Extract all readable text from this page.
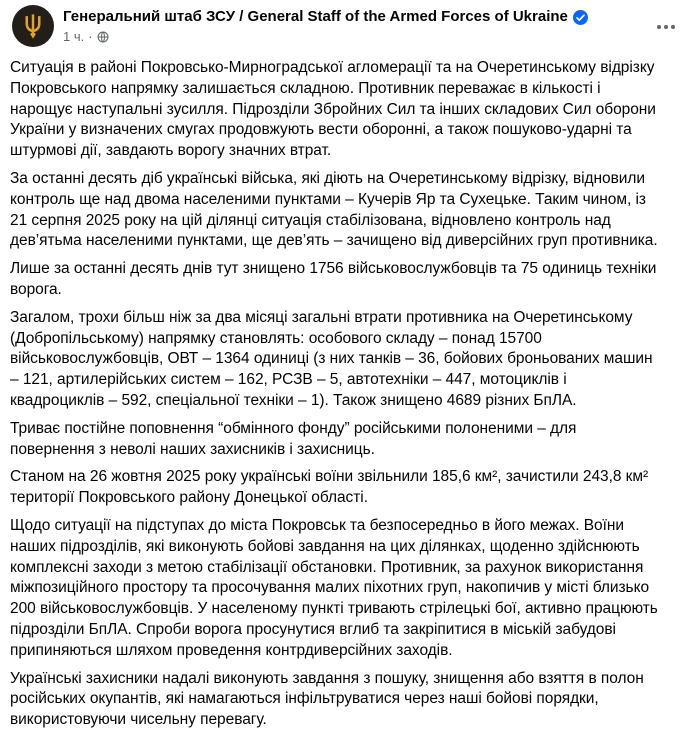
Генеральний штаб ЗСУ / General Staff of the Armed Forces of Ukraine
1 ч. ·

Ситуація в районі Покровсько-Мирноградської агломерації та на Очеретинському відрізку Покровського напрямку залишається складною. Противник переважає в кількості і нарощує наступальні зусилля. Підрозділи Збройних Сил та інших складових Сил оборони України у визначених смугах продовжують вести оборонні, а також пошуково-ударні та штурмові дії, завдають ворогу значних втрат.

За останні десять діб українські війська, які діють на Очеретинському відрізку, відновили контроль ще над двома населеними пунктами – Кучерів Яр та Сухецьке. Таким чином, із 21 серпня 2025 року на цій ділянці ситуація стабілізована, відновлено контроль над дев’ятьма населеними пунктами, ще дев’ять – зачищено від диверсійних груп противника.

Лише за останні десять днів тут знищено 1756 військовослужбовців та 75 одиниць техніки ворога.

Загалом, трохи більш ніж за два місяці загальні втрати противника на Очеретинському (Добропільському) напрямку становлять: особового складу – понад 15700 військовослужбовців, ОВТ – 1364 одиниці (з них танків – 36, бойових броньованих машин – 121, артилерійських систем – 162, РСЗВ – 5, автотехніки – 447, мотоциклів і квадроциклів – 592, спеціальної техніки – 1). Також знищено 4689 різних БпЛА.

Триває постійне поповнення “обмінного фонду” російськими полоненими – для повернення з неволі наших захисників і захисниць.

Станом на 26 жовтня 2025 року українські воїни звільнили 185,6 км², зачистили 243,8 км² території Покровського району Донецької області.

Щодо ситуації на підступах до міста Покровськ та безпосередньо в його межах. Воїни наших підрозділів, які виконують бойові завдання на цих ділянках, щоденно здійснюють комплексні заходи з метою стабілізації обстановки. Противник, за рахунок використання міжпозиційного простору та просочування малих піхотних груп, накопичив у місті близько 200 військовослужбовців. У населеному пункті тривають стрілецькі бої, активно працюють підрозділи БпЛА. Спроби ворога просунутися вглиб та закріпитися в міській забудові припиняються шляхом проведення контрдиверсійних заходів.

Українські захисники надалі виконують завдання з пошуку, знищення або взяття в полон російських окупантів, які намагаються інфільтруватися через наші бойові порядки, використовуючи чисельну перевагу.
